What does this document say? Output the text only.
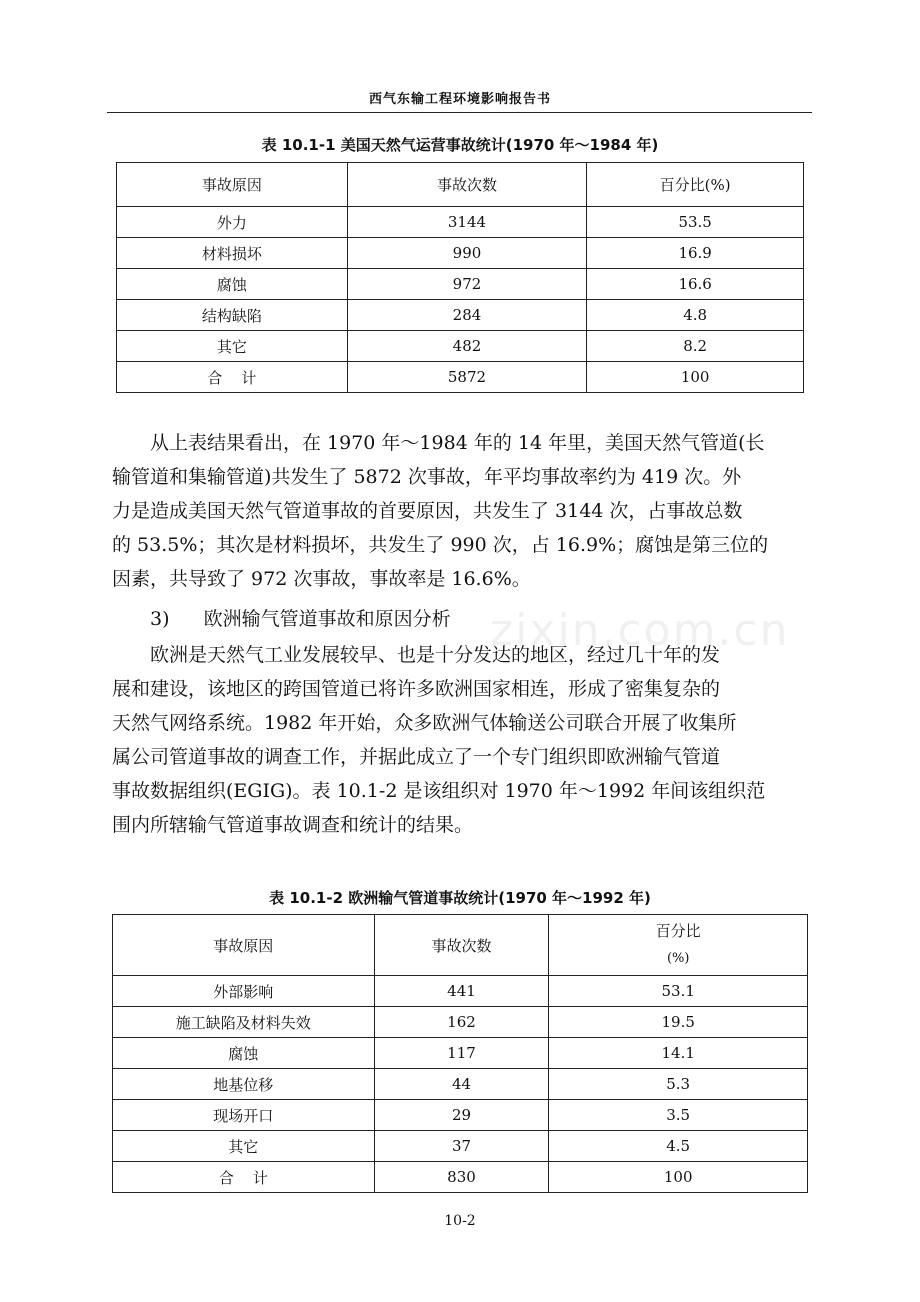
西气东输工程环境影响报告书
zixin.com.cn
表 10.1-1 美国天然气运营事故统计(1970 年～1984 年)
事故原因	事故次数	百分比(%)
外力	3144	53.5
材料损坏	990	16.9
腐蚀	972	16.6
结构缺陷	284	4.8
其它	482	8.2
合    计	5872	100
从上表结果看出，在 1970 年～1984 年的 14 年里，美国天然气管道(长
输管道和集输管道)共发生了 5872 次事故，年平均事故率约为 419 次。外
力是造成美国天然气管道事故的首要原因，共发生了 3144 次，占事故总数
的 53.5%；其次是材料损坏，共发生了 990 次，占 16.9%；腐蚀是第三位的
因素，共导致了 972 次事故，事故率是 16.6%。
3) 欧洲输气管道事故和原因分析
欧洲是天然气工业发展较早、也是十分发达的地区，经过几十年的发
展和建设，该地区的跨国管道已将许多欧洲国家相连，形成了密集复杂的
天然气网络系统。1982 年开始，众多欧洲气体输送公司联合开展了收集所
属公司管道事故的调查工作，并据此成立了一个专门组织即欧洲输气管道
事故数据组织(EGIG)。表 10.1-2 是该组织对 1970 年～1992 年间该组织范
围内所辖输气管道事故调查和统计的结果。
表 10.1-2 欧洲输气管道事故统计(1970 年～1992 年)
事故原因	事故次数	百分比
(%)

外部影响	441	53.1
施工缺陷及材料失效	162	19.5
腐蚀	117	14.1
地基位移	44	5.3
现场开口	29	3.5
其它	37	4.5
合    计	830	100
10-2
